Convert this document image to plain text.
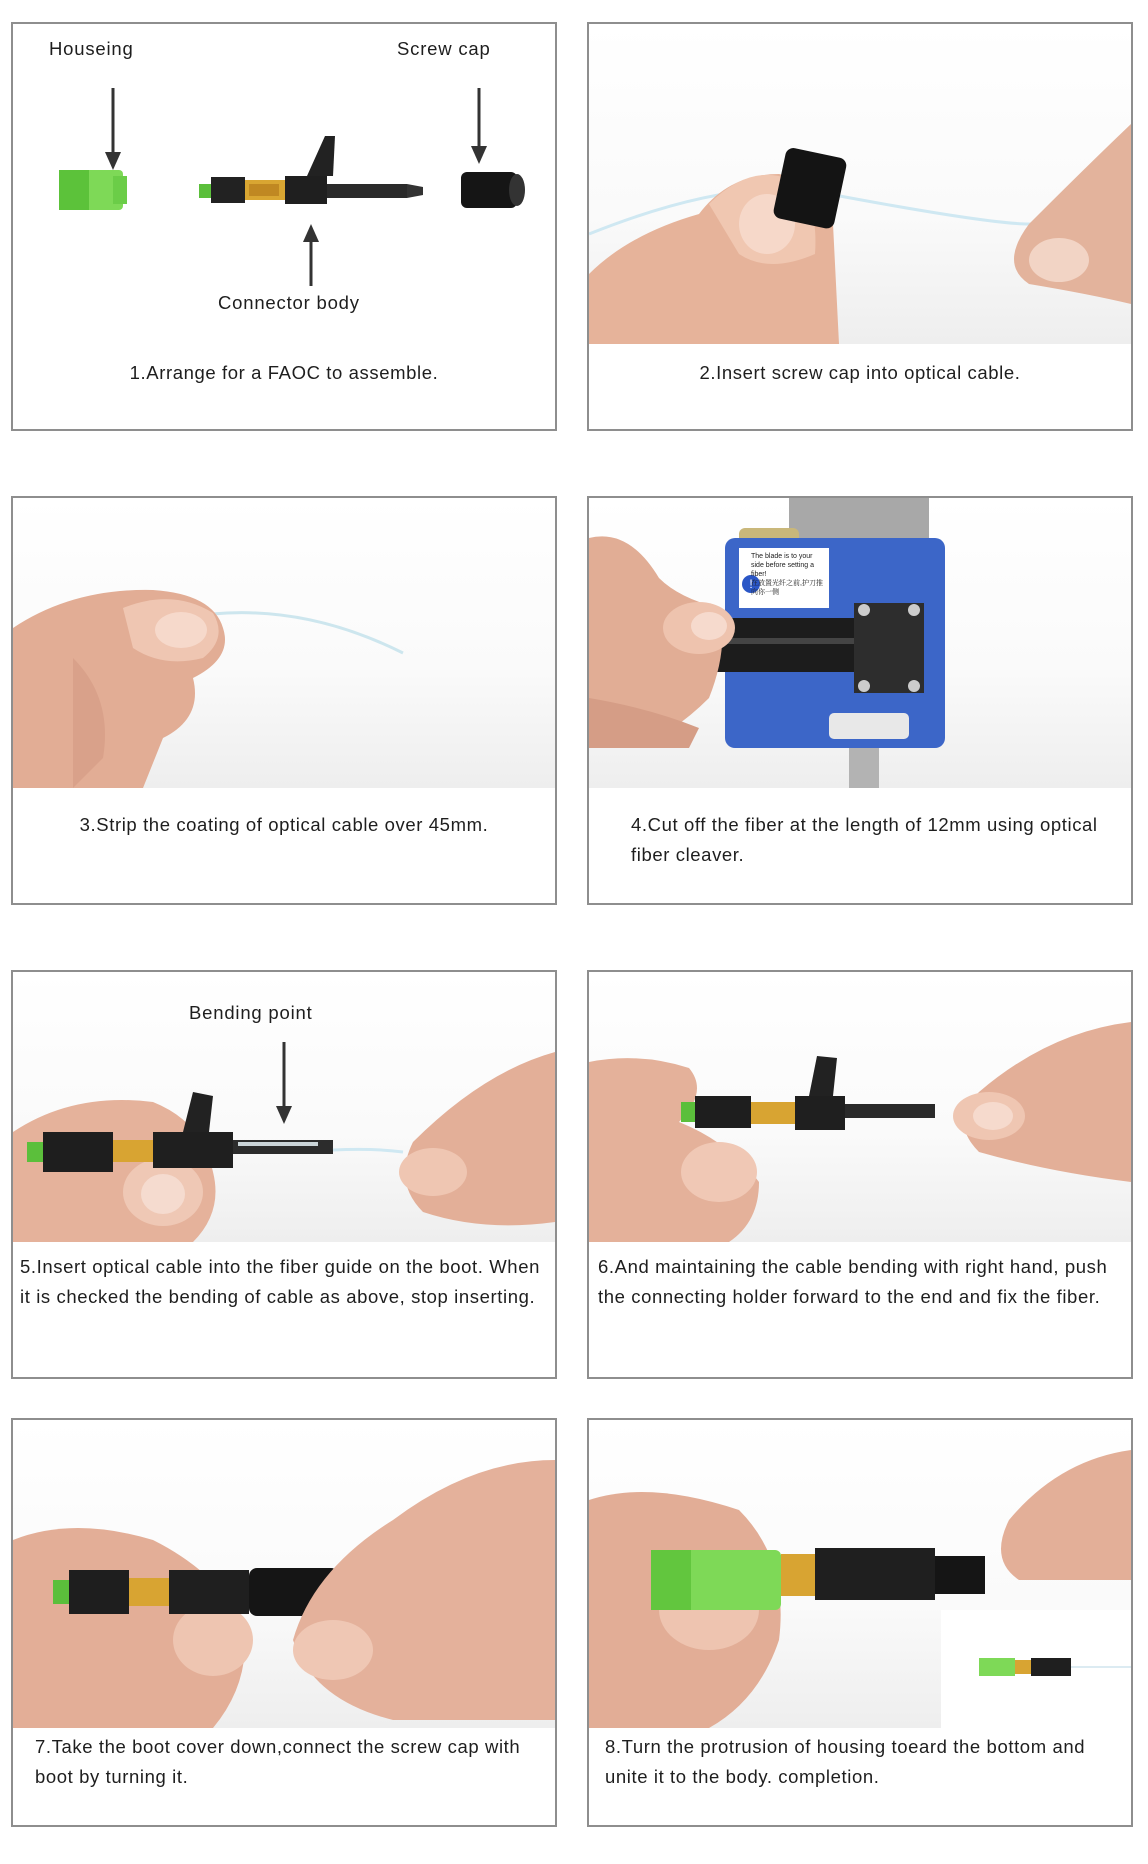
Houseing	Screw cap
Connector body
1.Arrange for a FAOC to assemble.	2.Insert screw cap into optical cable.
3.Strip the coating of optical cable over 45mm.
!
The blade is to your side before setting a fiber!
在放置光纤之前,护刀推向你一侧
4.Cut off the fiber at the length of 12mm using optical fiber cleaver.
Bending point
5.Insert optical cable into the fiber guide on the boot. When it is checked the bending of cable as above, stop inserting.
6.And maintaining the cable bending with right hand, push the connecting holder forward to the end and fix the fiber.
7.Take the boot cover down,connect the screw cap with boot by turning it.
8.Turn the protrusion of housing toeard the bottom and unite it to the body. completion.
